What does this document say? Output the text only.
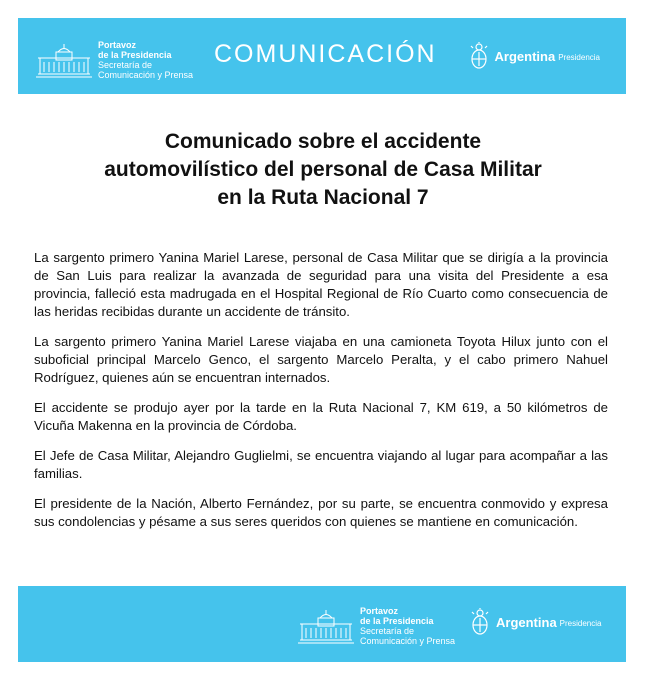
Portavoz
de la Presidencia
Secretaría de
Comunicación y Prensa
COMUNICACIÓN	Argentina Presidencia
Comunicado sobre el accidente
automovilístico del personal de Casa Militar
en la Ruta Nacional 7

La sargento primero Yanina Mariel Larese, personal de Casa Militar que se dirigía a la provincia de San Luis para realizar la avanzada de seguridad para una visita del Presidente a esa provincia, falleció esta madrugada en el Hospital Regional de Río Cuarto como consecuencia de las heridas recibidas durante un accidente de tránsito.

La sargento primero Yanina Mariel Larese viajaba en una camioneta Toyota Hilux junto con el suboficial principal Marcelo Genco, el sargento Marcelo Peralta, y el cabo primero Nahuel Rodríguez, quienes aún se encuentran internados.

El accidente se produjo ayer por la tarde en la Ruta Nacional 7, KM 619, a 50 kilómetros de Vicuña Makenna en la provincia de Córdoba.

El Jefe de Casa Militar, Alejandro Guglielmi, se encuentra viajando al lugar para acompañar a las familias.

El presidente de la Nación, Alberto Fernández, por su parte, se encuentra conmovido y expresa sus condolencias y pésame a sus seres queridos con quienes se mantiene en comunicación.

Portavoz
de la Presidencia
Secretaría de
Comunicación y Prensa
Argentina Presidencia
